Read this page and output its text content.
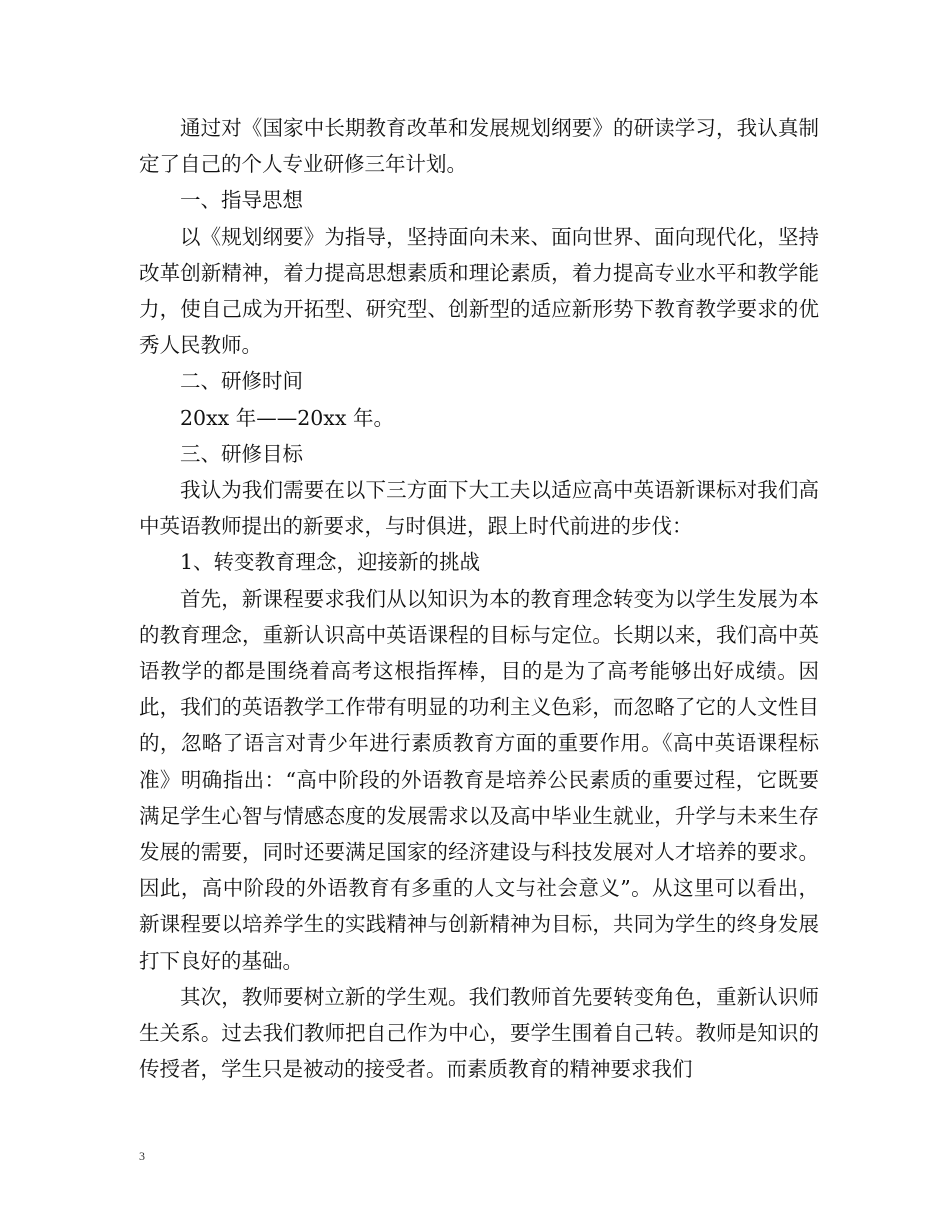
通过对《国家中长期教育改革和发展规划纲要》的研读学习，我认真制定了自己的个人专业研修三年计划。

一、指导思想

以《规划纲要》为指导，坚持面向未来、面向世界、面向现代化，坚持改革创新精神，着力提高思想素质和理论素质，着力提高专业水平和教学能力，使自己成为开拓型、研究型、创新型的适应新形势下教育教学要求的优秀人民教师。

二、研修时间

20xx 年——20xx 年。

三、研修目标

我认为我们需要在以下三方面下大工夫以适应高中英语新课标对我们高中英语教师提出的新要求，与时俱进，跟上时代前进的步伐：

1、转变教育理念，迎接新的挑战

首先，新课程要求我们从以知识为本的教育理念转变为以学生发展为本的教育理念，重新认识高中英语课程的目标与定位。长期以来，我们高中英语教学的都是围绕着高考这根指挥棒，目的是为了高考能够出好成绩。因此，我们的英语教学工作带有明显的功利主义色彩，而忽略了它的人文性目的，忽略了语言对青少年进行素质教育方面的重要作用。《高中英语课程标准》明确指出：“高中阶段的外语教育是培养公民素质的重要过程，它既要满足学生心智与情感态度的发展需求以及高中毕业生就业，升学与未来生存发展的需要，同时还要满足国家的经济建设与科技发展对人才培养的要求。因此，高中阶段的外语教育有多重的人文与社会意义”。从这里可以看出，新课程要以培养学生的实践精神与创新精神为目标，共同为学生的终身发展打下良好的基础。

其次，教师要树立新的学生观。我们教师首先要转变角色，重新认识师生关系。过去我们教师把自己作为中心，要学生围着自己转。教师是知识的传授者，学生只是被动的接受者。而素质教育的精神要求我们

3
